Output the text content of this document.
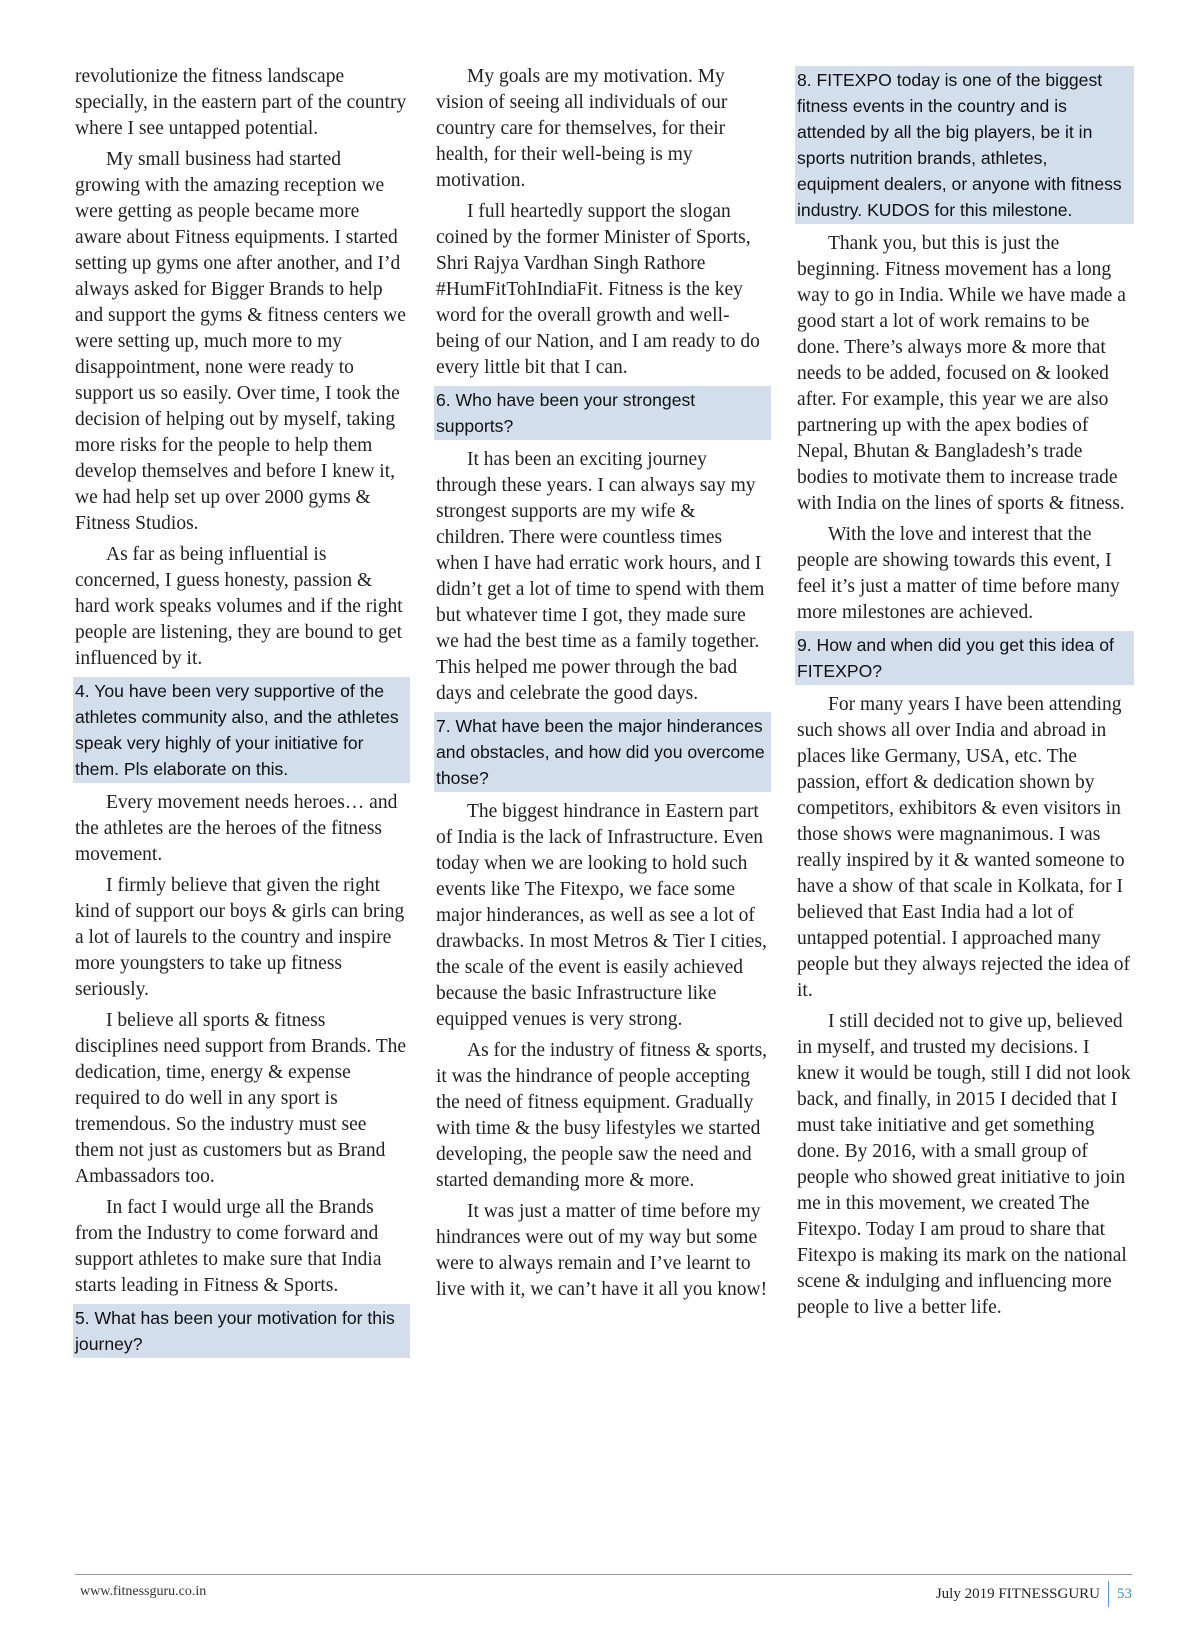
revolutionize the fitness landscape specially, in the eastern part of the country where I see untapped potential.

My small business had started growing with the amazing reception we were getting as people became more aware about Fitness equipments. I started setting up gyms one after another, and I’d always asked for Bigger Brands to help and support the gyms & fitness centers we were setting up, much more to my disappointment, none were ready to support us so easily. Over time, I took the decision of helping out by myself, taking more risks for the people to help them develop themselves and before I knew it, we had help set up over 2000 gyms & Fitness Studios.

As far as being influential is concerned, I guess honesty, passion & hard work speaks volumes and if the right people are listening, they are bound to get influenced by it.

4. You have been very supportive of the athletes community also, and the athletes speak very highly of your initiative for them. Pls elaborate on this.

Every movement needs heroes… and the athletes are the heroes of the fitness movement.

I firmly believe that given the right kind of support our boys & girls can bring a lot of laurels to the country and inspire more youngsters to take up fitness seriously.

I believe all sports & fitness disciplines need support from Brands. The dedication, time, energy & expense required to do well in any sport is tremendous. So the industry must see them not just as customers but as Brand Ambassadors too.

In fact I would urge all the Brands from the Industry to come forward and support athletes to make sure that India starts leading in Fitness & Sports.

5. What has been your motivation for this journey?

My goals are my motivation. My vision of seeing all individuals of our country care for themselves, for their health, for their well-being is my motivation.

I full heartedly support the slogan coined by the former Minister of Sports, Shri Rajya Vardhan Singh Rathore #HumFitTohIndiaFit. Fitness is the key word for the overall growth and well-being of our Nation, and I am ready to do every little bit that I can.

6. Who have been your strongest supports?

It has been an exciting journey through these years. I can always say my strongest supports are my wife & children. There were countless times when I have had erratic work hours, and I didn’t get a lot of time to spend with them but whatever time I got, they made sure we had the best time as a family together. This helped me power through the bad days and celebrate the good days.

7. What have been the major hinderances and obstacles, and how did you overcome those?

The biggest hindrance in Eastern part of India is the lack of Infrastructure. Even today when we are looking to hold such events like The Fitexpo, we face some major hinderances, as well as see a lot of drawbacks. In most Metros & Tier I cities, the scale of the event is easily achieved because the basic Infrastructure like equipped venues is very strong.

As for the industry of fitness & sports, it was the hindrance of people accepting the need of fitness equipment. Gradually with time & the busy lifestyles we started developing, the people saw the need and started demanding more & more.

It was just a matter of time before my hindrances were out of my way but some were to always remain and I’ve learnt to live with it, we can’t have it all you know!

8. FITEXPO today is one of the biggest fitness events in the country and is attended by all the big players, be it in sports nutrition brands, athletes, equipment dealers, or anyone with fitness industry. KUDOS for this milestone.

Thank you, but this is just the beginning. Fitness movement has a long way to go in India. While we have made a good start a lot of work remains to be done. There’s always more & more that needs to be added, focused on & looked after. For example, this year we are also partnering up with the apex bodies of Nepal, Bhutan & Bangladesh’s trade bodies to motivate them to increase trade with India on the lines of sports & fitness.

With the love and interest that the people are showing towards this event, I feel it’s just a matter of time before many more milestones are achieved.

9. How and when did you get this idea of FITEXPO?

For many years I have been attending such shows all over India and abroad in places like Germany, USA, etc. The passion, effort & dedication shown by competitors, exhibitors & even visitors in those shows were magnanimous. I was really inspired by it & wanted someone to have a show of that scale in Kolkata, for I believed that East India had a lot of untapped potential. I approached many people but they always rejected the idea of it.

I still decided not to give up, believed in myself, and trusted my decisions. I knew it would be tough, still I did not look back, and finally, in 2015 I decided that I must take initiative and get something done. By 2016, with a small group of people who showed great initiative to join me in this movement, we created The Fitexpo. Today I am proud to share that Fitexpo is making its mark on the national scene & indulging and influencing more people to live a better life.

www.fitnessguru.co.in	July 2019 FITNESSGURU 53
